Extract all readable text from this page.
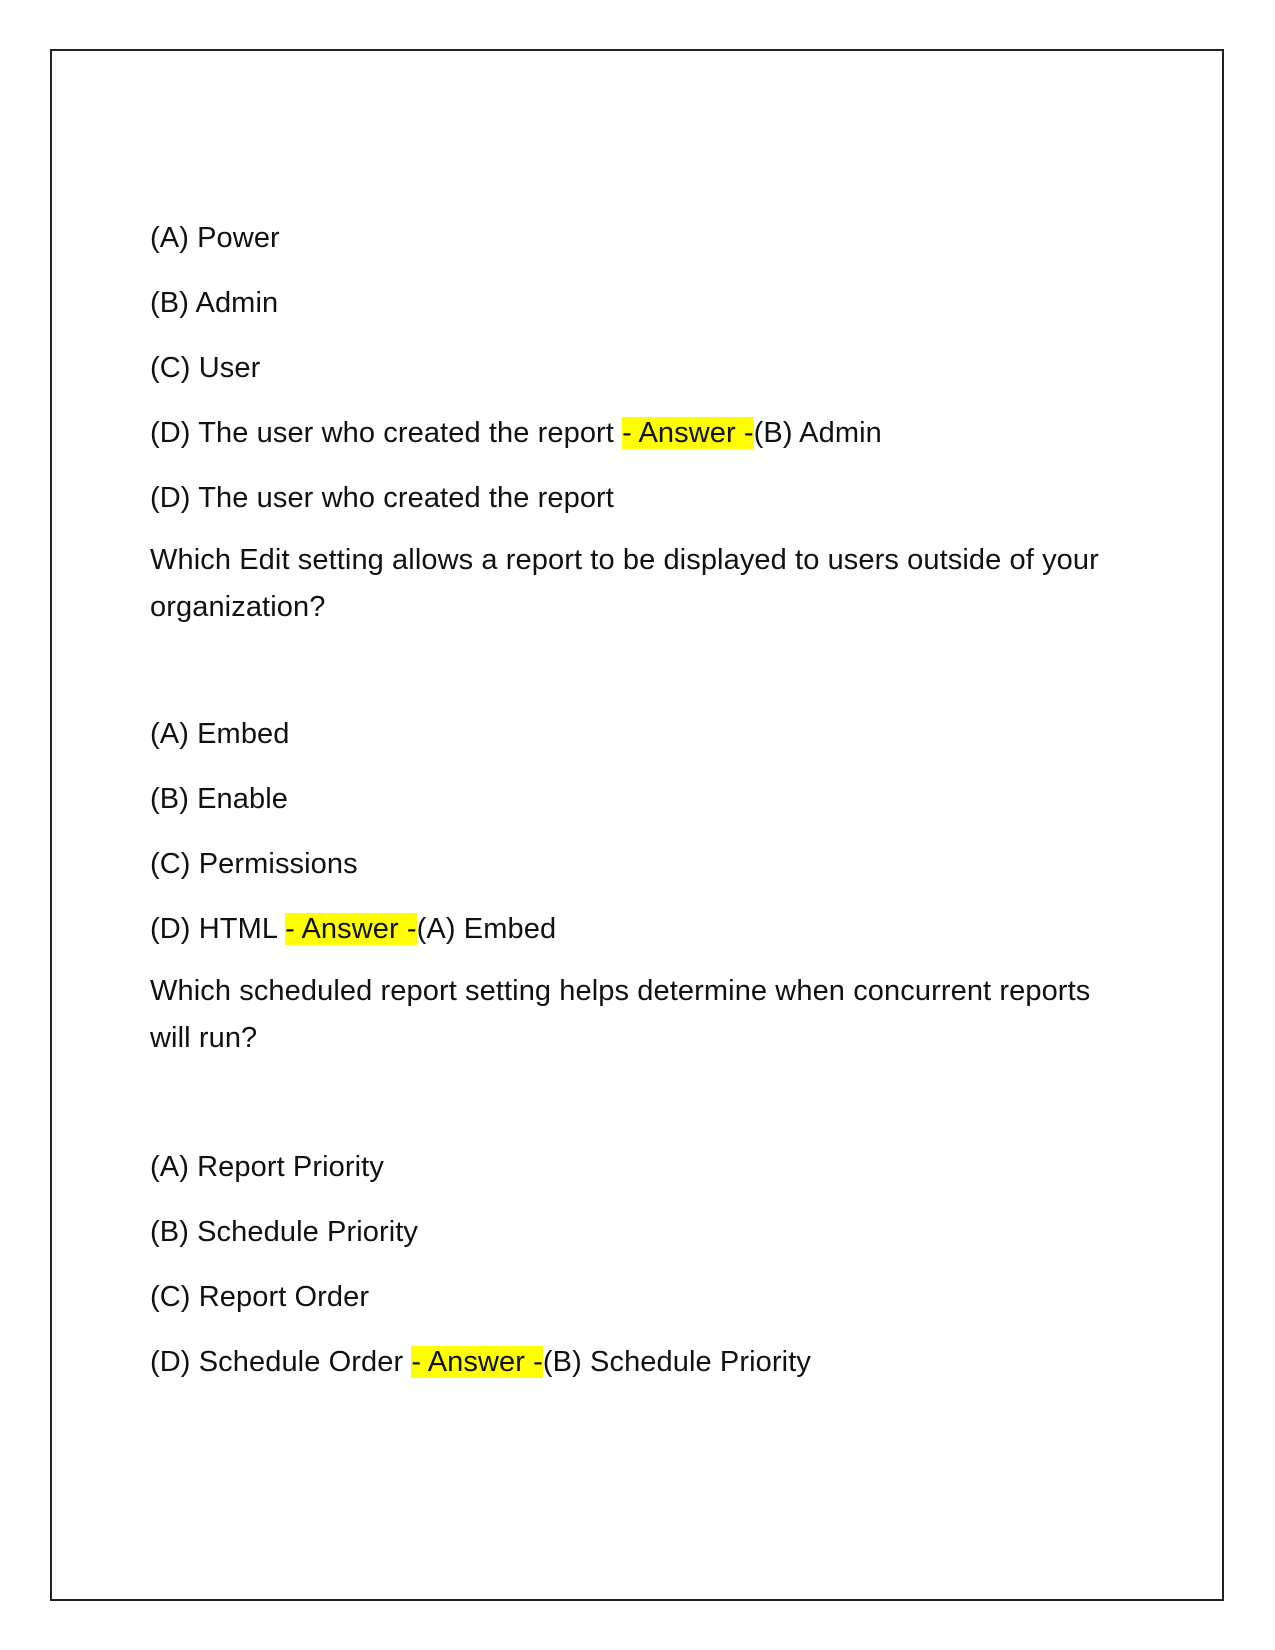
(A) Power
(B) Admin
(C) User
(D) The user who created the report - Answer -(B) Admin
(D) The user who created the report
Which Edit setting allows a report to be displayed to users outside of your organization?
(A) Embed
(B) Enable
(C) Permissions
(D) HTML - Answer -(A) Embed
Which scheduled report setting helps determine when concurrent reports will run?
(A) Report Priority
(B) Schedule Priority
(C) Report Order
(D) Schedule Order - Answer -(B) Schedule Priority
